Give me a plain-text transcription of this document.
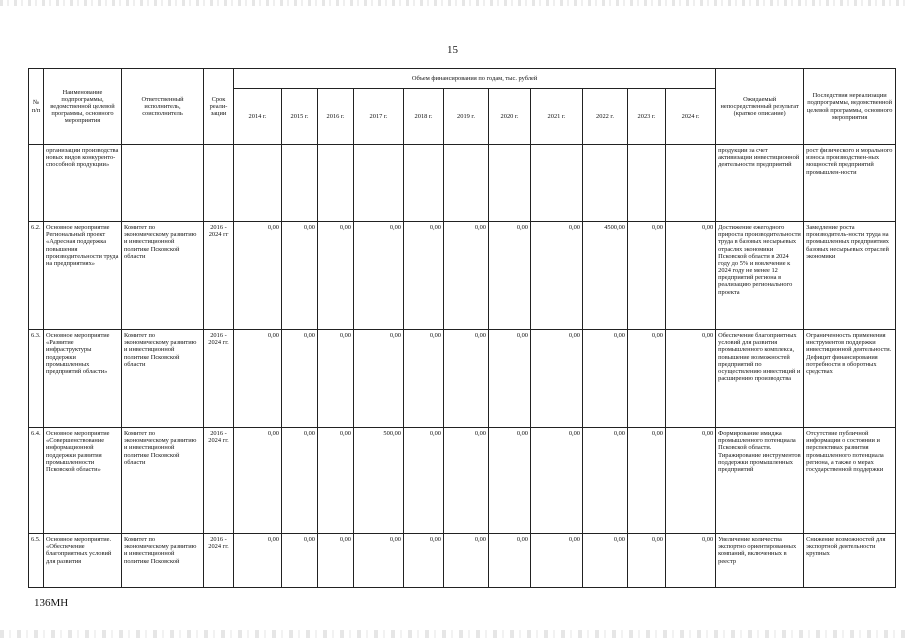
15
№ п/п	Наименование подпрограммы, ведомственной целевой программы, основного мероприятия	Ответственный исполнитель, соисполнитель	Срок реали-зации	Объем финансирования по годам, тыс. рублей											Ожидаемый непосредственный результат (краткое описание)	Последствия нереализации подпрограммы, ведомственной целевой программы, основного мероприятия
				2014 г.	2015 г.	2016 г.	2017 г.	2018 г.	2019 г.	2020 г.	2021 г.	2022 г.	2023 г.	2024 г.		
	организации производства новых видов конкуренто-способной продукции»														продукции за счет активизации инвестиционной деятельности предприятий	рост физического и морального износа производствен-ных мощностей предприятий промышлен-ности
6.2.	Основное мероприятие Региональный проект «Адресная поддержка повышения производительности труда на предприятиях»	Комитет по экономическому развитию и инвестиционной политике Псковской области	2016 - 2024 гг	0,00	0,00	0,00	0,00	0,00	0,00	0,00	0,00	4500,00	0,00	0,00	Достижение ежегодного прироста производительности труда в базовых несырьевых отраслях экономики Псковской области в 2024 году до 5% и вовлечение к 2024 году не менее 12 предприятий региона в реализацию регионального проекта	Замедление роста производитель-ности труда на промышленных предприятиях базовых несырьевых отраслей экономики
6.3.	Основное мероприятие «Развитие инфраструктуры поддержки промышленных предприятий области»	Комитет по экономическому развитию и инвестиционной политике Псковской области	2016 - 2024 гг.	0,00	0,00	0,00	0,00	0,00	0,00	0,00	0,00	0,00	0,00	0,00	Обеспечение благоприятных условий для развития промышленного комплекса, повышение возможностей предприятий по осуществлению инвестиций и расширению производства	Ограниченность применения инструментов поддержки инвестиционной деятельности. Дефицит финансирования потребности в оборотных средствах
6.4.	Основное мероприятие «Совершенствование информационной поддержки развития промышленности Псковской области»	Комитет по экономическому развитию и инвестиционной политике Псковской области	2016 - 2024 гг.	0,00	0,00	0,00	500,00	0,00	0,00	0,00	0,00	0,00	0,00	0,00	Формирование имиджа промышленного потенциала Псковской области. Тиражирование инструментов поддержки промышленных предприятий	Отсутствие публичной информации о состоянии и перспективах развития промышленного потенциала региона, а также о мерах государственной поддержки
6.5.	Основное мероприятие. «Обеспечение благоприятных условий для развития	Комитет по экономическому развитию и инвестиционной политике Псковской	2016 - 2024 гг.	0,00	0,00	0,00	0,00	0,00	0,00	0,00	0,00	0,00	0,00	0,00	Увеличение количества экспортно ориентированных компаний, включенных в реестр	Снижение возможностей для экспортной деятельности крупных
136МН
